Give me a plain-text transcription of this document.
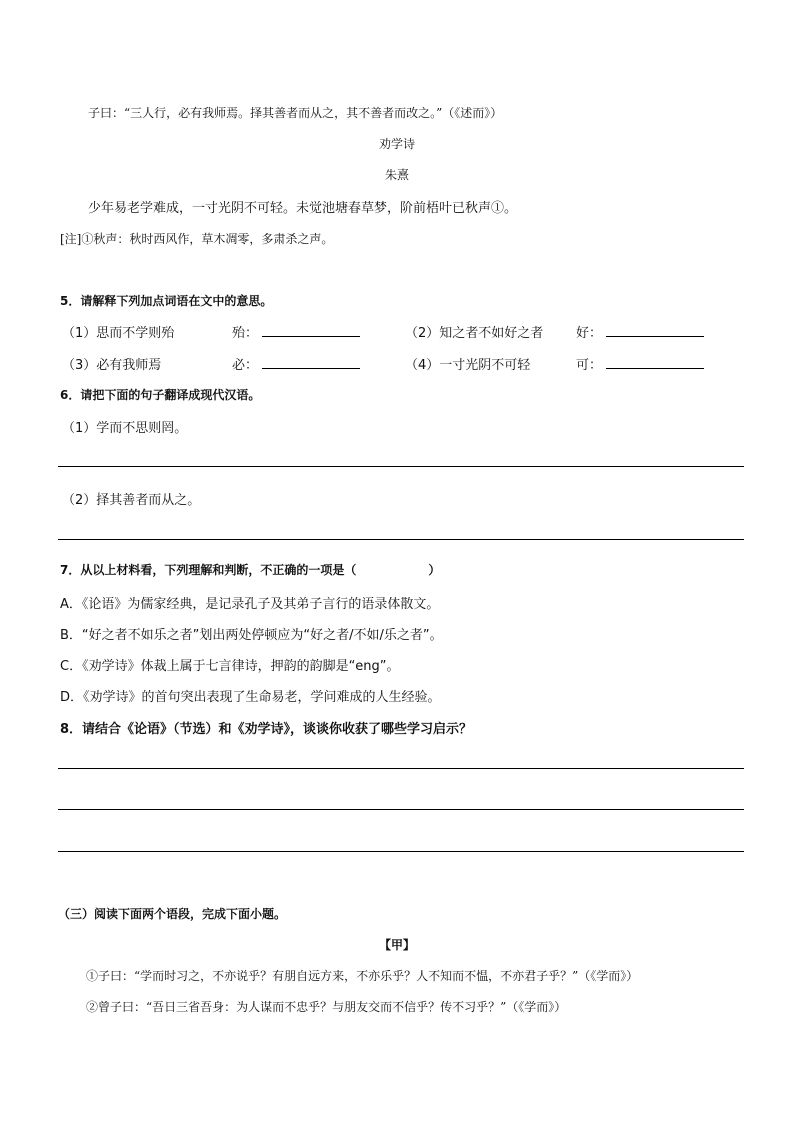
子曰：“三人行，必有我师焉。择其善者而从之，其不善者而改之。”（《述而》）
劝学诗
朱熹
少年易老学难成，一寸光阴不可轻。未觉池塘春草梦，阶前梧叶已秋声①。
[注]①秋声：秋时西风作，草木凋零，多肃杀之声。
5．请解释下列加点词语在文中的意思。
（1）思而不学则殆	殆：	（2）知之者不如好之者	好：
（3）必有我师焉	必：	（4）一寸光阴不可轻	可：
6．请把下面的句子翻译成现代汉语。
（1）学而不思则罔。
（2）择其善者而从之。
7．从以上材料看，下列理解和判断，不正确的一项是（	）
A．《论语》为儒家经典，是记录孔子及其弟子言行的语录体散文。
B．“好之者不如乐之者”划出两处停顿应为“好之者/不如/乐之者”。
C．《劝学诗》体裁上属于七言律诗，押韵的韵脚是“eng”。
D．《劝学诗》的首句突出表现了生命易老，学问难成的人生经验。
8．请结合《论语》（节选）和《劝学诗》，谈谈你收获了哪些学习启示？
（三）阅读下面两个语段，完成下面小题。
【甲】
①子曰：“学而时习之，不亦说乎？有朋自远方来，不亦乐乎？人不知而不愠，不亦君子乎？”（《学而》）
②曾子曰：“吾日三省吾身：为人谋而不忠乎？与朋友交而不信乎？传不习乎？”（《学而》）
